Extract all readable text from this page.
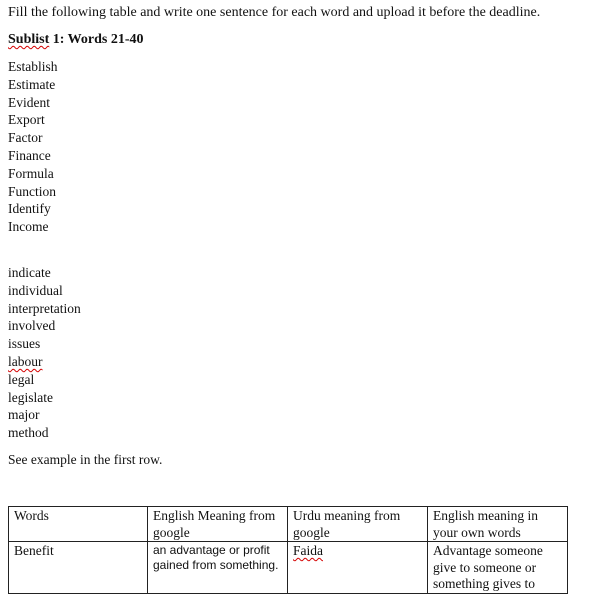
Fill the following table and write one sentence for each word and upload it before the deadline.
Sublist 1: Words 21-40
Establish
Estimate
Evident
Export
Factor
Finance
Formula
Function
Identify
Income
indicate
individual
interpretation
involved
issues
labour
legal
legislate
major
method
See example in the first row.
Words	English Meaning from google	Urdu meaning from google	English meaning in your own words
Benefit	an advantage or profit gained from something.	Faida	Advantage someone give to someone or something gives to
